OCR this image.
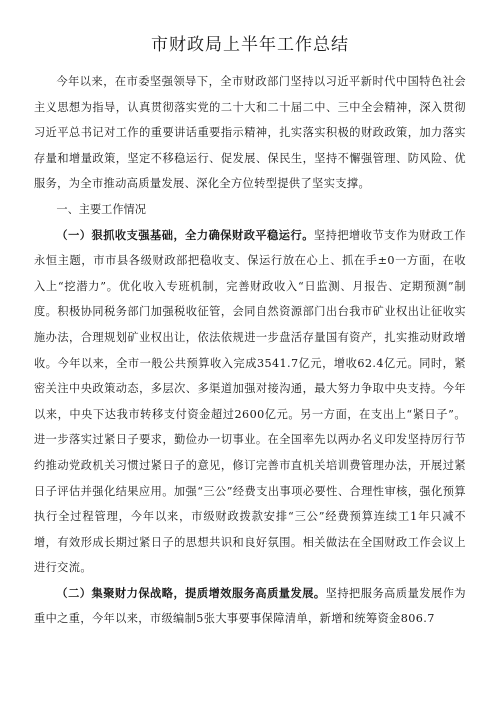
市财政局上半年工作总结

今年以来，在市委坚强领导下，全市财政部门坚持以习近平新时代中国特色社会主义思想为指导，认真贯彻落实党的二十大和二十届二中、三中全会精神，深入贯彻习近平总书记对工作的重要讲话重要指示精神，扎实落实积极的财政政策，加力落实存量和增量政策，坚定不移稳运行、促发展、保民生，坚持不懈强管理、防风险、优服务，为全市推动高质量发展、深化全方位转型提供了坚实支撑。

一、主要工作情况

（一）狠抓收支强基础，全力确保财政平稳运行。坚持把增收节支作为财政工作永恒主题，市市县各级财政部把稳收支、保运行放在心上、抓在手±0一方面，在收入上“挖潜力”。优化收入专班机制，完善财政收入“日监测、月报告、定期预测”制度。积极协同税务部门加强税收征管，会同自然资源部门出台我市矿业权出让征收实施办法，合理规划矿业权出让，依法依规进一步盘活存量国有资产，扎实推动财政增收。今年以来，全市一般公共预算收入完成3541.7亿元，增收62.4亿元。同时，紧密关注中央政策动态，多层次、多渠道加强对接沟通，最大努力争取中央支持。今年以来，中央下达我市转移支付资金超过2600亿元。另一方面，在支出上“紧日子”。进一步落实过紧日子要求，勤俭办一切事业。在全国率先以两办名义印发坚持厉行节约推动党政机关习惯过紧日子的意见，修订完善市直机关培训费管理办法，开展过紧日子评估并强化结果应用。加强“三公”经费支出事项必要性、合理性审核，强化预算执行全过程管理，今年以来，市级财政拨款安排“三公”经费预算连续工1年只减不增，有效形成长期过紧日子的思想共识和良好氛围。相关做法在全国财政工作会议上进行交流。

（二）集聚财力保战略，提质增效服务高质量发展。坚持把服务高质量发展作为重中之重，今年以来，市级编制5张大事要事保障清单，新增和统筹资金806.7
